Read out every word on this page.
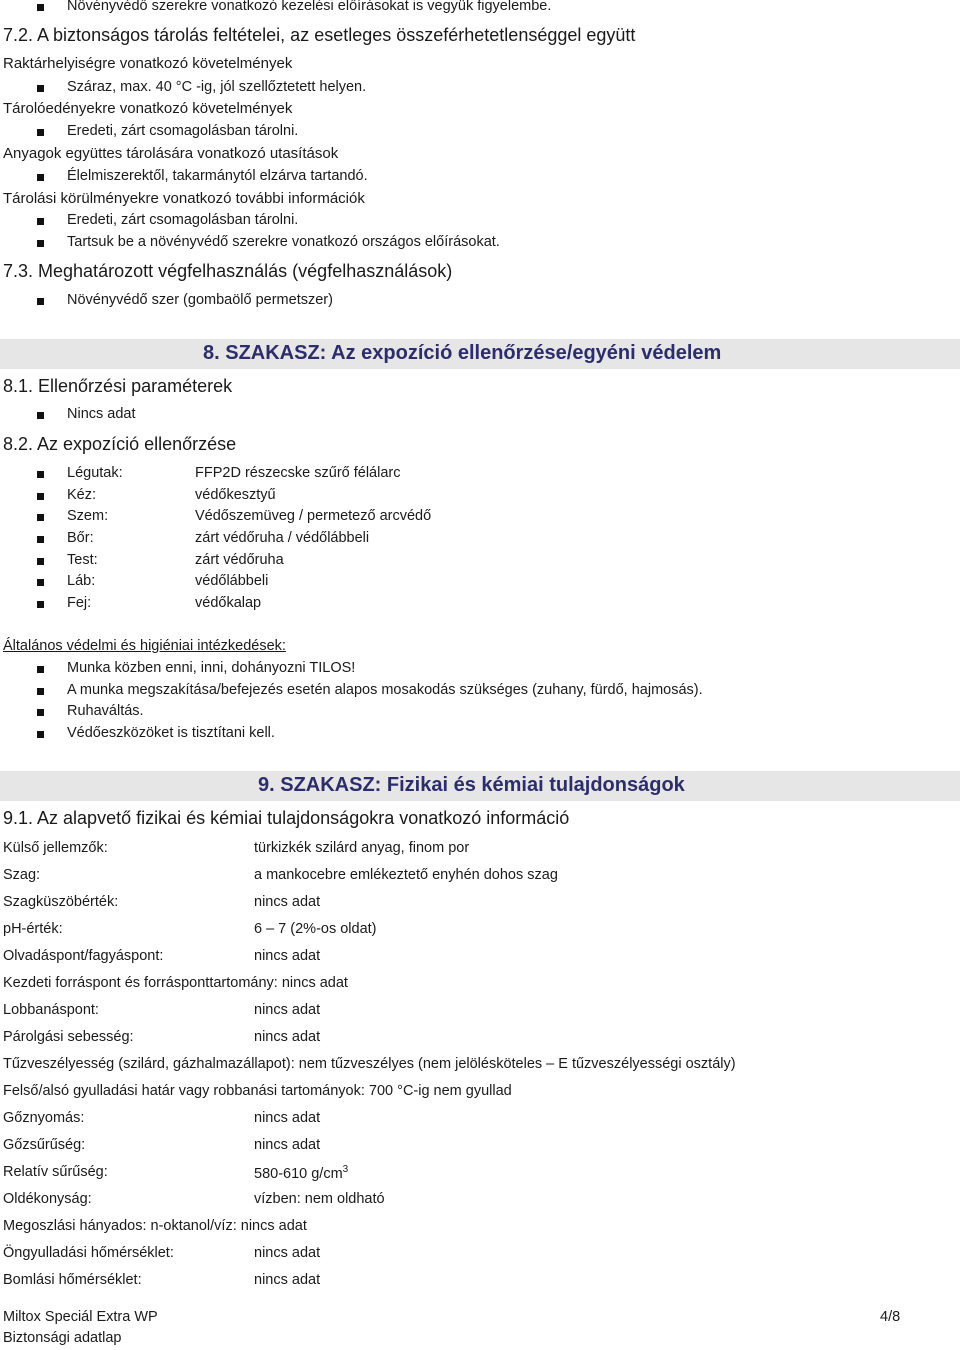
Növényvédő szerekre vonatkozó kezelési előírásokat is vegyük figyelembe.
7.2. A biztonságos tárolás feltételei, az esetleges összeférhetetlenséggel együtt
Raktárhelyiségre vonatkozó követelmények
Száraz, max. 40 °C -ig, jól szellőztetett helyen.
Tárolóedényekre vonatkozó követelmények
Eredeti, zárt csomagolásban tárolni.
Anyagok együttes tárolására vonatkozó utasítások
Élelmiszerektől, takarmánytól elzárva tartandó.
Tárolási körülményekre vonatkozó további információk
Eredeti, zárt csomagolásban tárolni.
Tartsuk be a növényvédő szerekre vonatkozó országos előírásokat.
7.3. Meghatározott végfelhasználás (végfelhasználások)
Növényvédő szer (gombaölő permetszer)
8. SZAKASZ: Az expozíció ellenőrzése/egyéni védelem
8.1. Ellenőrzési paraméterek
Nincs adat
8.2. Az expozíció ellenőrzése
Légutak:	FFP2D részecske szűrő félálarc
Kéz:	védőkesztyű
Szem:	Védőszemüveg / permetező arcvédő
Bőr:	zárt védőruha / védőlábbeli
Test:	zárt védőruha
Láb:	védőlábbeli
Fej:	védőkalap
Általános védelmi és higiéniai intézkedések:
Munka közben enni, inni, dohányozni TILOS!
A munka megszakítása/befejezés esetén alapos mosakodás szükséges (zuhany, fürdő, hajmosás).
Ruhaváltás.
Védőeszközöket is tisztítani kell.
9. SZAKASZ: Fizikai és kémiai tulajdonságok
9.1. Az alapvető fizikai és kémiai tulajdonságokra vonatkozó információ
Külső jellemzők:	türkizkék szilárd anyag, finom por
Szag:	a mankocebre emlékeztető enyhén dohos szag
Szagküszöbérték:	nincs adat
pH-érték:	6 – 7 (2%-os oldat)
Olvadáspont/fagyáspont:	nincs adat
Kezdeti forráspont és forrásponttartomány: nincs adat
Lobbanáspont:	nincs adat
Párolgási sebesség:	nincs adat
Tűzveszélyesség (szilárd, gázhalmazállapot): nem tűzveszélyes (nem jelölésköteles – E tűzveszélyességi osztály)
Felső/alsó gyulladási határ vagy robbanási tartományok: 700 °C-ig nem gyullad
Gőznyomás:	nincs adat
Gőzsűrűség:	nincs adat
Relatív sűrűség:	580-610 $g/cm^3$
Oldékonyság:	vízben: nem oldható
Megoszlási hányados: n-oktanol/víz: nincs adat
Öngyulladási hőmérséklet:	nincs adat
Bomlási hőmérséklet:	nincs adat
Miltox Speciál Extra WP
Biztonsági adatlap
4/8
